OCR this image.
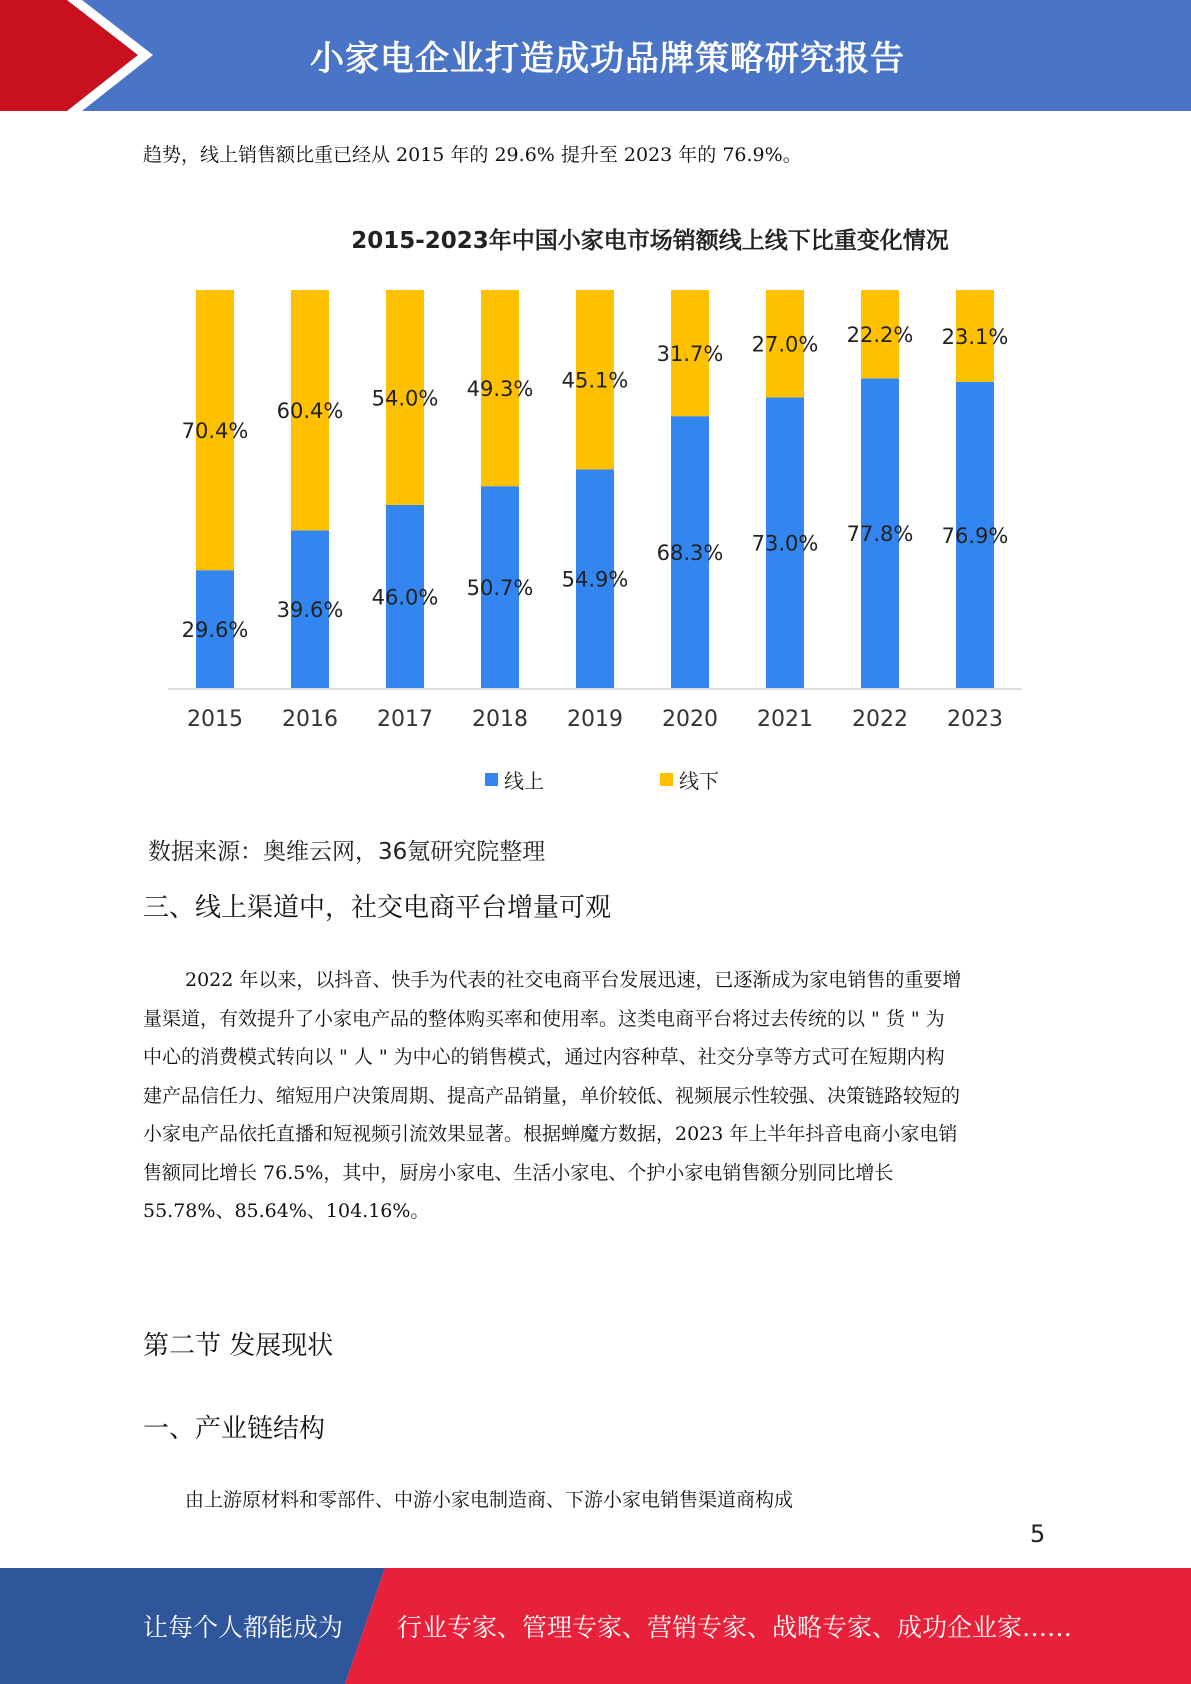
小家电企业打造成功品牌策略研究报告
趋势，线上销售额比重已经从 2015 年的 29.6% 提升至 2023 年的 76.9%。
2015-2023年中国小家电市场销额线上线下比重变化情况
29.6%
70.4%
2015
39.6%
60.4%
2016
46.0%
54.0%
2017
50.7%
49.3%
2018
54.9%
45.1%
2019
68.3%
31.7%
2020
73.0%
27.0%
2021
77.8%
22.2%
2022
76.9%
23.1%
2023
线上	线下
数据来源：奥维云网，36氪研究院整理
三、线上渠道中，社交电商平台增量可观
2022 年以来，以抖音、快手为代表的社交电商平台发展迅速，已逐渐成为家电销售的重要增
量渠道，有效提升了小家电产品的整体购买率和使用率。这类电商平台将过去传统的以 " 货 " 为
中心的消费模式转向以 " 人 " 为中心的销售模式，通过内容种草、社交分享等方式可在短期内构
建产品信任力、缩短用户决策周期、提高产品销量，单价较低、视频展示性较强、决策链路较短的
小家电产品依托直播和短视频引流效果显著。根据蝉魔方数据，2023 年上半年抖音电商小家电销
售额同比增长 76.5%，其中，厨房小家电、生活小家电、个护小家电销售额分别同比增长
55.78%、85.64%、104.16%。
第二节 发展现状
一、产业链结构
由上游原材料和零部件、中游小家电制造商、下游小家电销售渠道商构成
5
让每个人都能成为 行业专家、管理专家、营销专家、战略专家、成功企业家……
